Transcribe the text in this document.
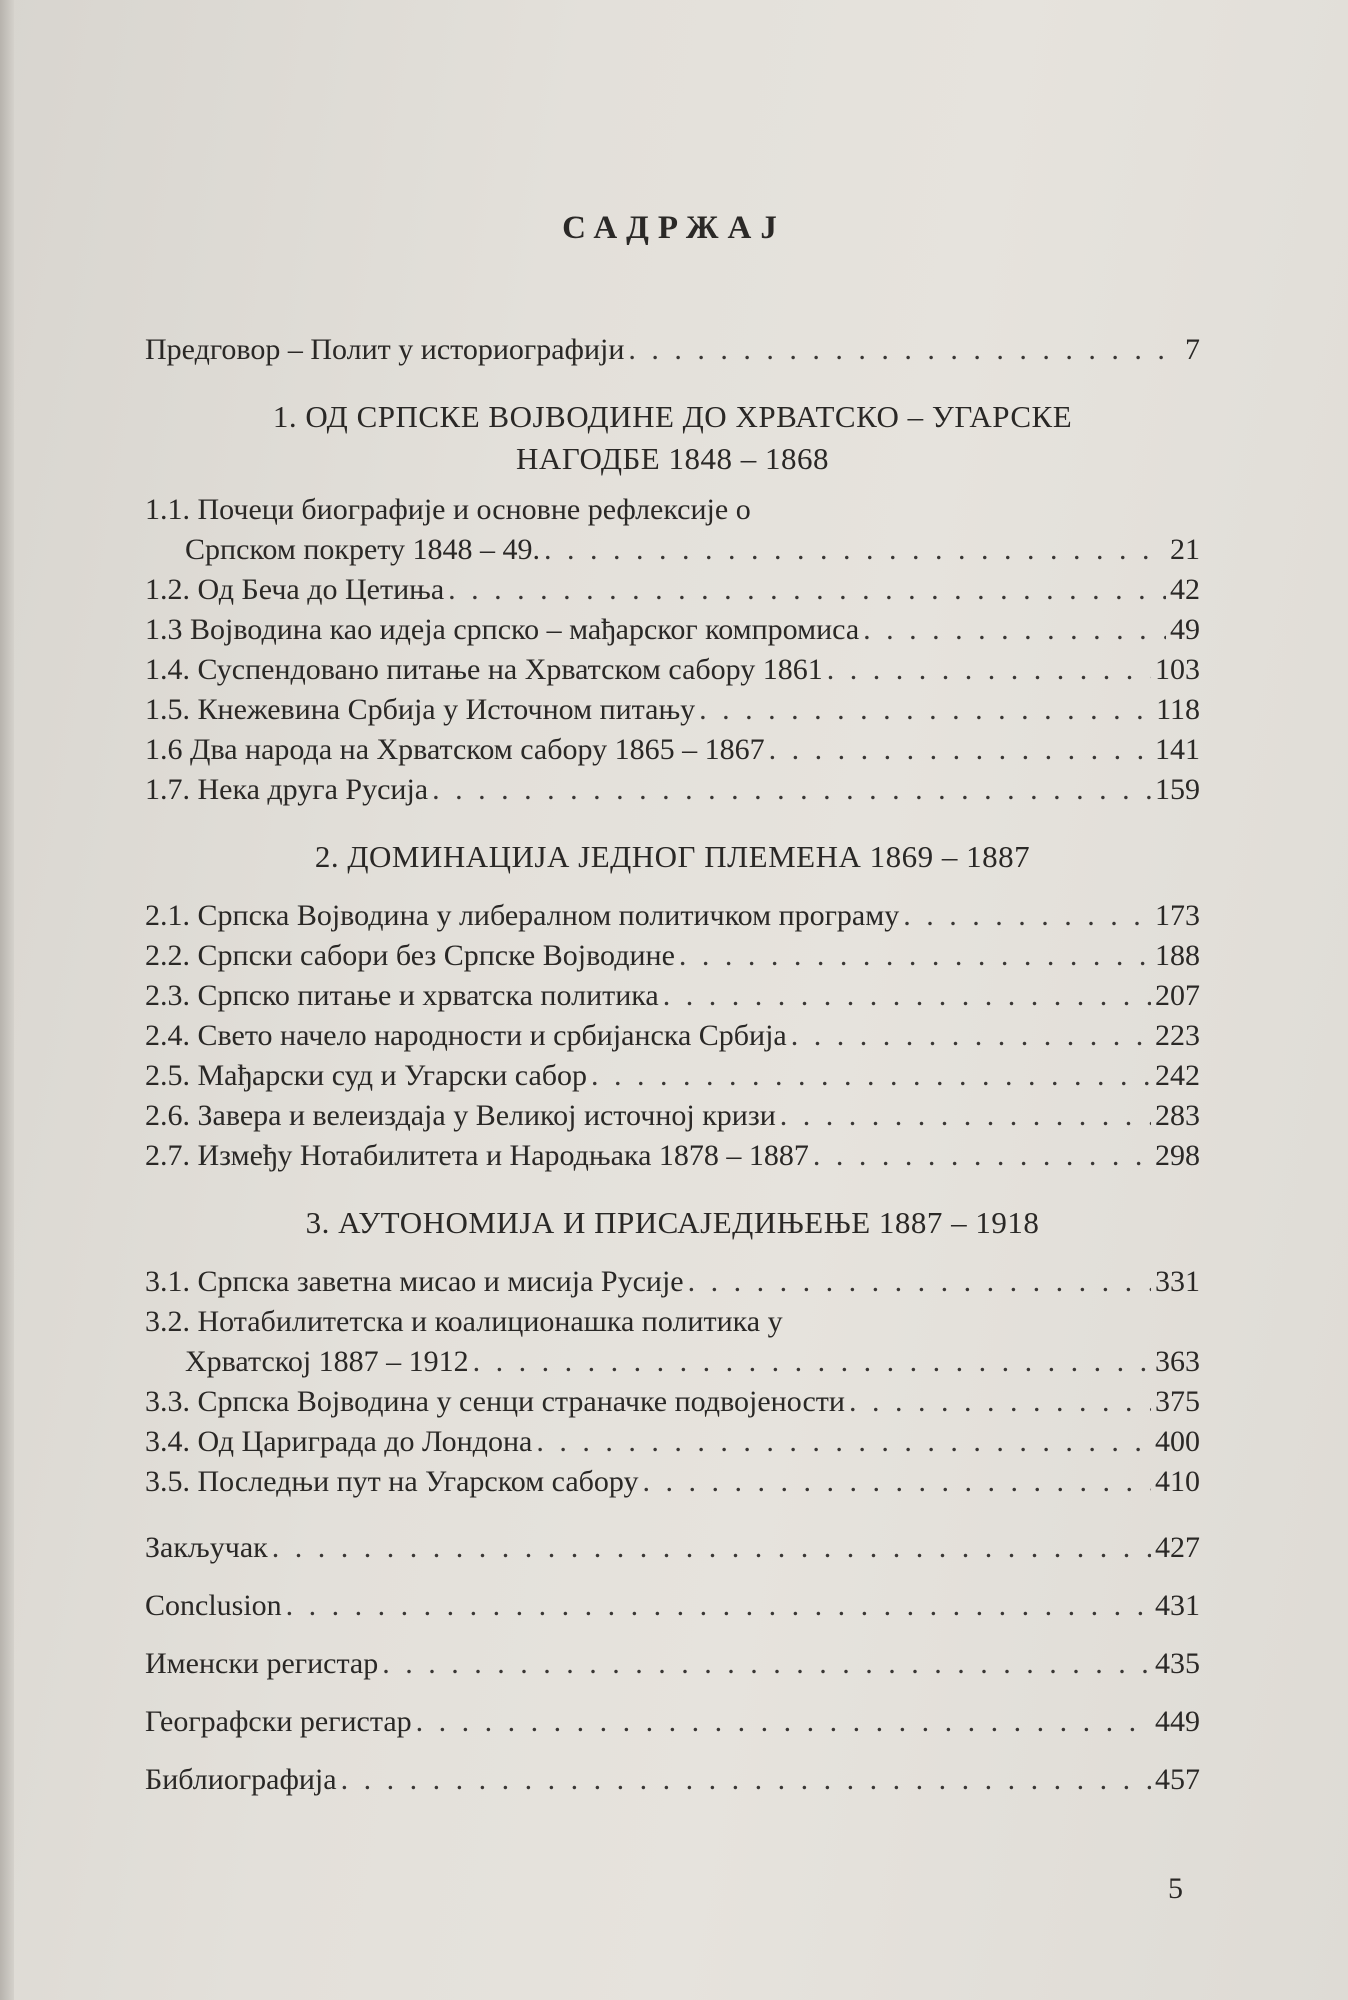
САДРЖАЈ
Предговор – Полит у историографији . . .	7
1. ОД СРПСКЕ ВОЈВОДИНЕ ДО ХРВАТСКО – УГАРСКЕ
НАГОДБЕ 1848 – 1868
1.1. Почеци биографије и основне рефлексије о
Српском покрету 1848 – 49. . . .	21
1.2. Од Беча до Цетиња . . .	42
1.3 Војводина као идеја српско – мађарског компромиса . . .	49
1.4. Суспендовано питање на Хрватском сабору 1861 . . .	103
1.5. Кнежевина Србија у Источном питању . . .	118
1.6 Два народа на Хрватском сабору 1865 – 1867 . . .	141
1.7. Нека друга Русија . . .	159
2. ДОМИНАЦИЈА ЈЕДНОГ ПЛЕМЕНА 1869 – 1887
2.1. Српска Војводина у либералном политичком програму . . .	173
2.2. Српски сабори без Српске Војводине . . .	188
2.3. Српско питање и хрватска политика . . .	207
2.4. Свето начело народности и србијанска Србија . . .	223
2.5. Мађарски суд и Угарски сабор . . .	242
2.6. Завера и велеиздаја у Великој источној кризи . . .	283
2.7. Између Нотабилитета и Народњака 1878 – 1887 . . .	298
3. АУТОНОМИЈА И ПРИСАЈЕДИЊЕЊЕ 1887 – 1918
3.1. Српска заветна мисао и мисија Русије . . .	331
3.2. Нотабилитетска и коалиционашка политика у
Хрватској 1887 – 1912 . . .	363
3.3. Српска Војводина у сенци страначке подвојености . . .	375
3.4. Од Цариграда до Лондона . . .	400
3.5. Последњи пут на Угарском сабору . . .	410
Закључак . . .	427
Conclusion . . .	431
Именски регистар . . .	435
Географски регистар . . .	449
Библиографија . . .	457
5
